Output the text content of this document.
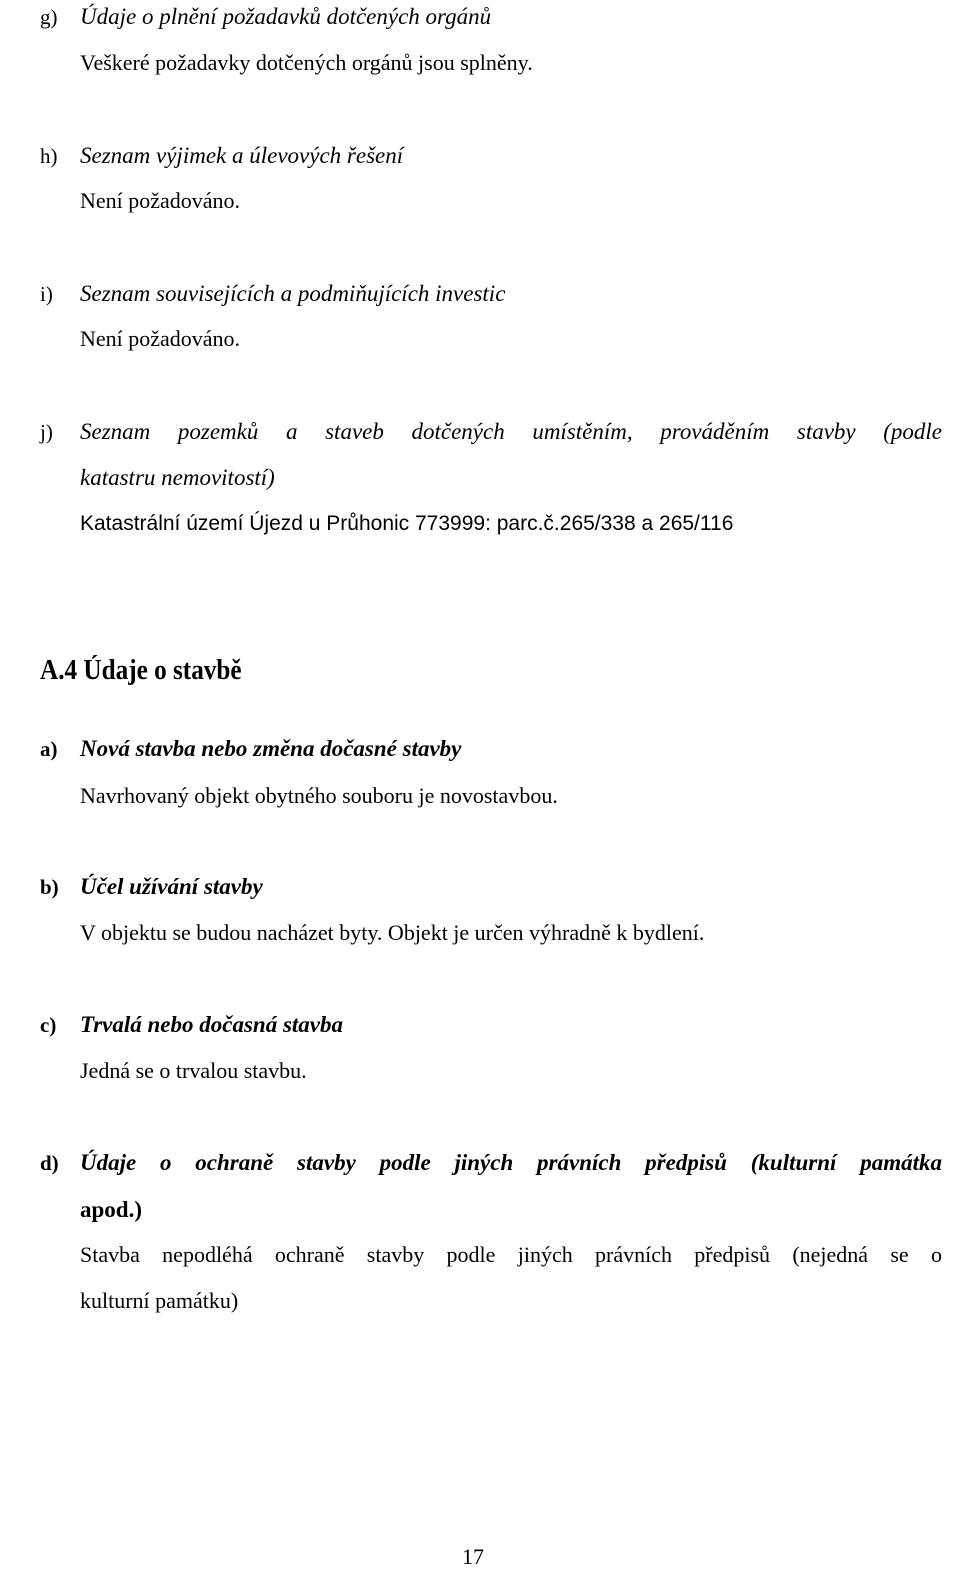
g) Údaje o plnění požadavků dotčených orgánů
Veškeré požadavky dotčených orgánů jsou splněny.
h) Seznam výjimek a úlevových řešení
Není požadováno.
i) Seznam souvisejících a podmiňujících investic
Není požadováno.
j) Seznam pozemků a staveb dotčených umístěním, prováděním stavby (podle
katastru nemovitostí)
Katastrální území Újezd u Průhonic 773999: parc.č.265/338 a 265/116
A.4 Údaje o stavbě
a) Nová stavba nebo změna dočasné stavby
Navrhovaný objekt obytného souboru je novostavbou.
b) Účel užívání stavby
V objektu se budou nacházet byty. Objekt je určen výhradně k bydlení.
c) Trvalá nebo dočasná stavba
Jedná se o trvalou stavbu.
d) Údaje o ochraně stavby podle jiných právních předpisů (kulturní památka
apod.)
Stavba nepodléhá ochraně stavby podle jiných právních předpisů (nejedná se o
kulturní památku)
17
